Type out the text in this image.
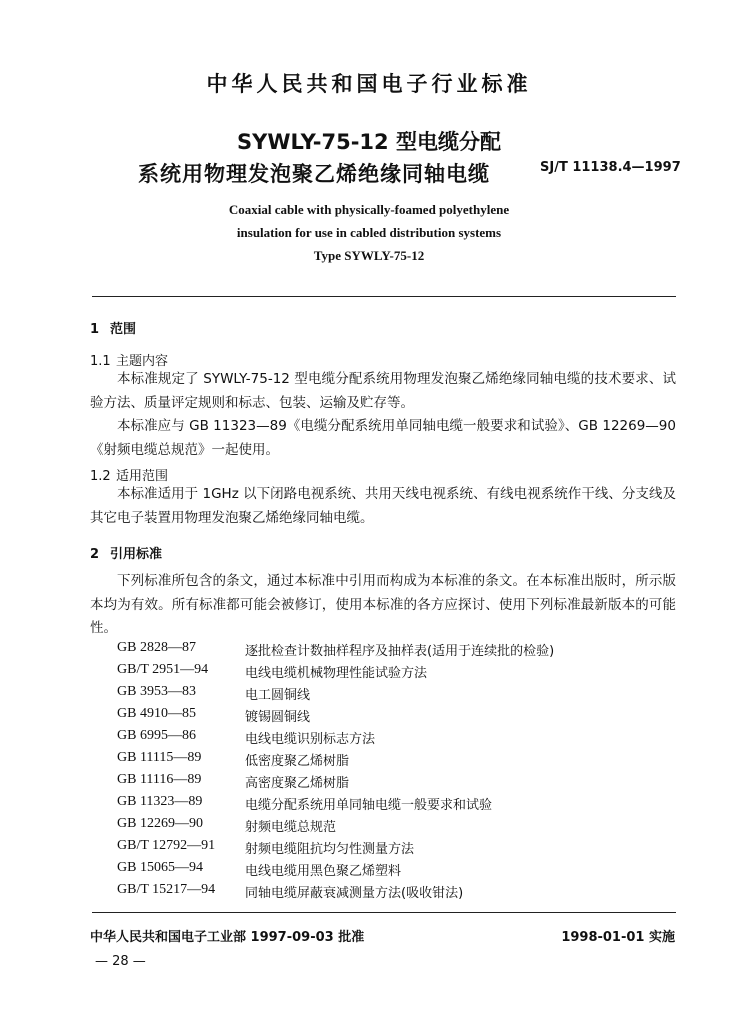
中华人民共和国电子行业标准
SYWLY-75-12 型电缆分配
系统用物理发泡聚乙烯绝缘同轴电缆	SJ/T 11138.4—1997
Coaxial cable with physically-foamed polyethylene
insulation for use in cabled distribution systems
Type SYWLY-75-12
1 范围
1.1 主题内容

本标准规定了 SYWLY-75-12 型电缆分配系统用物理发泡聚乙烯绝缘同轴电缆的技术要求、试验方法、质量评定规则和标志、包装、运输及贮存等。

本标准应与 GB 11323—89《电缆分配系统用单同轴电缆一般要求和试验》、GB 12269—90《射频电缆总规范》一起使用。

1.2 适用范围

本标准适用于 1GHz 以下闭路电视系统、共用天线电视系统、有线电视系统作干线、分支线及其它电子装置用物理发泡聚乙烯绝缘同轴电缆。

2 引用标准

下列标准所包含的条文，通过本标准中引用而构成为本标准的条文。在本标准出版时，所示版本均为有效。所有标准都可能会被修订，使用本标准的各方应探讨、使用下列标准最新版本的可能性。

GB 2828—87	逐批检查计数抽样程序及抽样表(适用于连续批的检验)
GB/T 2951—94	电线电缆机械物理性能试验方法
GB 3953—83	电工圆铜线
GB 4910—85	镀锡圆铜线
GB 6995—86	电线电缆识别标志方法
GB 11115—89	低密度聚乙烯树脂
GB 11116—89	高密度聚乙烯树脂
GB 11323—89	电缆分配系统用单同轴电缆一般要求和试验
GB 12269—90	射频电缆总规范
GB/T 12792—91 射频电缆阻抗均匀性测量方法
GB 15065—94	电线电缆用黑色聚乙烯塑料
GB/T 15217—94 同轴电缆屏蔽衰减测量方法(吸收钳法)
中华人民共和国电子工业部 1997-09-03 批准	1998-01-01 实施
— 28 —
